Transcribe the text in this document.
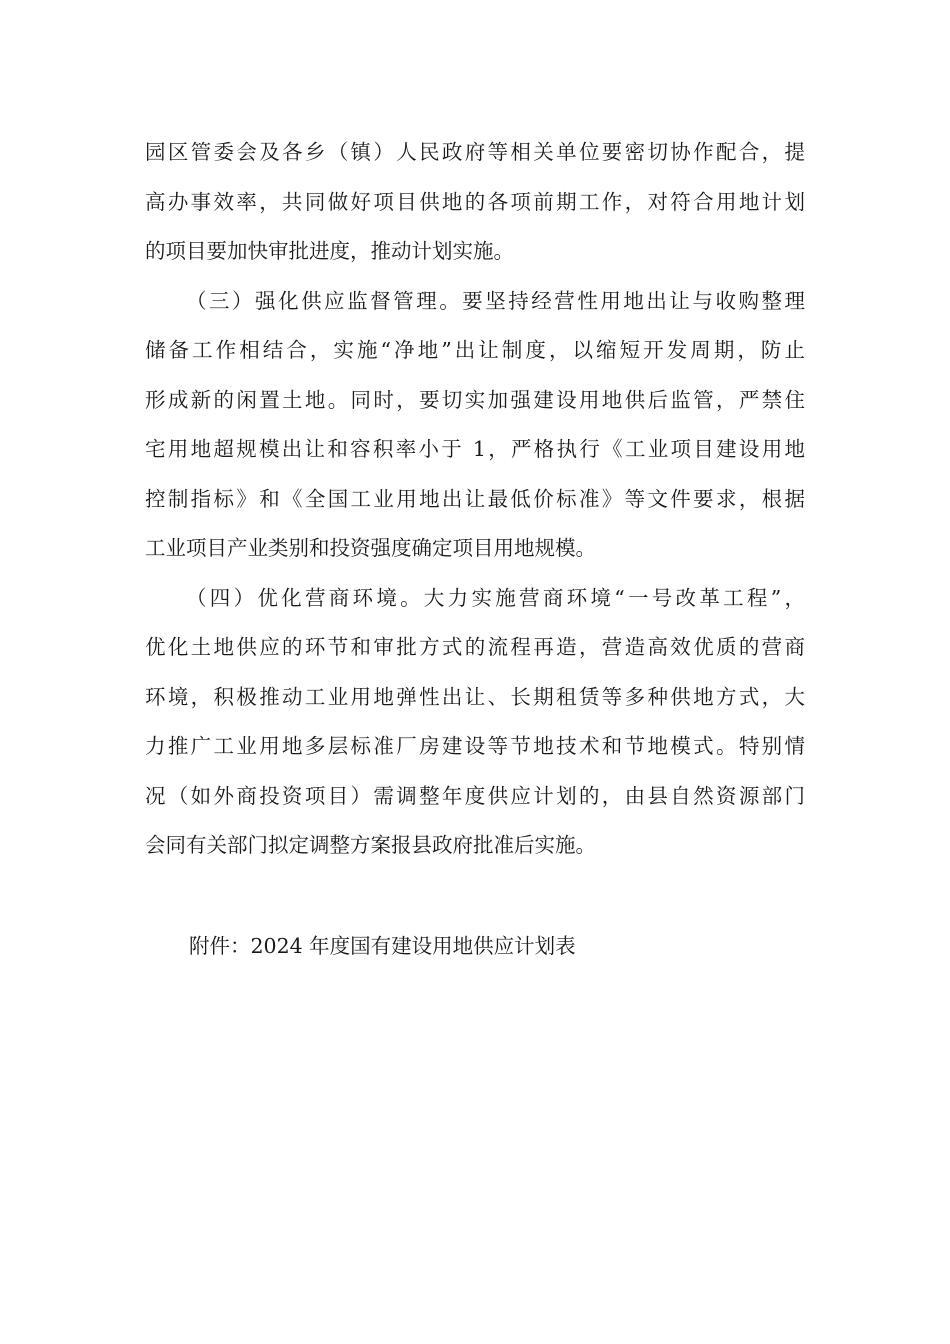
园区管委会及各乡（镇）人民政府等相关单位要密切协作配合，提
高办事效率，共同做好项目供地的各项前期工作，对符合用地计划
的项目要加快审批进度，推动计划实施。
（三）强化供应监督管理。要坚持经营性用地出让与收购整理
储备工作相结合，实施“净地”出让制度，以缩短开发周期，防止
形成新的闲置土地。同时，要切实加强建设用地供后监管，严禁住
宅用地超规模出让和容积率小于 1，严格执行《工业项目建设用地
控制指标》和《全国工业用地出让最低价标准》等文件要求，根据
工业项目产业类别和投资强度确定项目用地规模。
（四）优化营商环境。大力实施营商环境“一号改革工程”，
优化土地供应的环节和审批方式的流程再造，营造高效优质的营商
环境，积极推动工业用地弹性出让、长期租赁等多种供地方式，大
力推广工业用地多层标准厂房建设等节地技术和节地模式。特别情
况（如外商投资项目）需调整年度供应计划的，由县自然资源部门
会同有关部门拟定调整方案报县政府批准后实施。
附件：2024 年度国有建设用地供应计划表
